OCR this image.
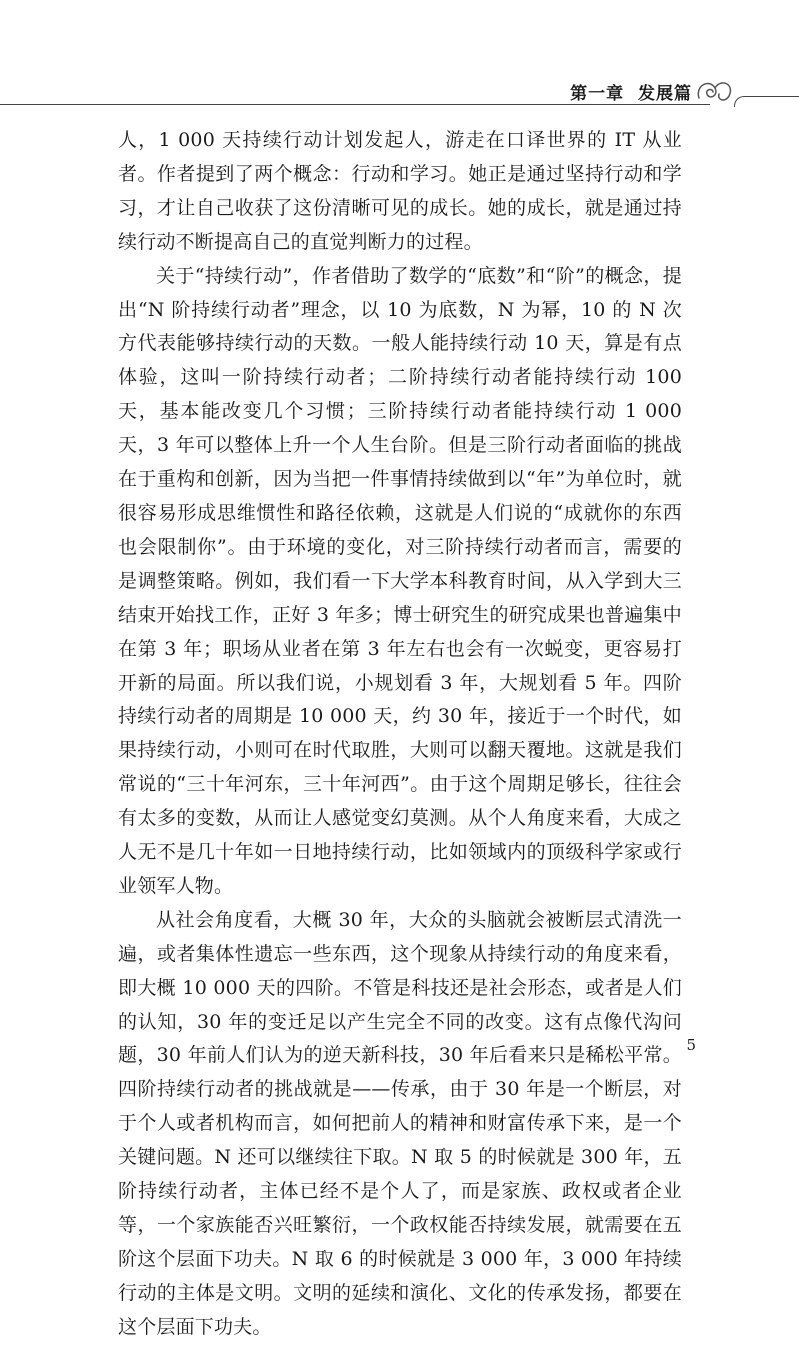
第一章 发展篇

人，1 000 天持续行动计划发起人，游走在口译世界的 IT 从业者。作者提到了两个概念：行动和学习。她正是通过坚持行动和学习，才让自己收获了这份清晰可见的成长。她的成长，就是通过持续行动不断提高自己的直觉判断力的过程。

关于“持续行动”，作者借助了数学的“底数”和“阶”的概念，提出“N 阶持续行动者”理念，以 10 为底数，N 为幂，10 的 N 次方代表能够持续行动的天数。一般人能持续行动 10 天，算是有点体验，这叫一阶持续行动者；二阶持续行动者能持续行动 100 天，基本能改变几个习惯；三阶持续行动者能持续行动 1 000 天，3 年可以整体上升一个人生台阶。但是三阶行动者面临的挑战在于重构和创新，因为当把一件事情持续做到以“年”为单位时，就很容易形成思维惯性和路径依赖，这就是人们说的“成就你的东西也会限制你”。由于环境的变化，对三阶持续行动者而言，需要的是调整策略。例如，我们看一下大学本科教育时间，从入学到大三结束开始找工作，正好 3 年多；博士研究生的研究成果也普遍集中在第 3 年；职场从业者在第 3 年左右也会有一次蜕变，更容易打开新的局面。所以我们说，小规划看 3 年，大规划看 5 年。四阶持续行动者的周期是 10 000 天，约 30 年，接近于一个时代，如果持续行动，小则可在时代取胜，大则可以翻天覆地。这就是我们常说的“三十年河东，三十年河西”。由于这个周期足够长，往往会有太多的变数，从而让人感觉变幻莫测。从个人角度来看，大成之人无不是几十年如一日地持续行动，比如领域内的顶级科学家或行业领军人物。

从社会角度看，大概 30 年，大众的头脑就会被断层式清洗一遍，或者集体性遗忘一些东西，这个现象从持续行动的角度来看，即大概 10 000 天的四阶。不管是科技还是社会形态，或者是人们的认知，30 年的变迁足以产生完全不同的改变。这有点像代沟问题，30 年前人们认为的逆天新科技，30 年后看来只是稀松平常。四阶持续行动者的挑战就是——传承，由于 30 年是一个断层，对于个人或者机构而言，如何把前人的精神和财富传承下来，是一个关键问题。N 还可以继续往下取。N 取 5 的时候就是 300 年，五阶持续行动者，主体已经不是个人了，而是家族、政权或者企业等，一个家族能否兴旺繁衍，一个政权能否持续发展，就需要在五阶这个层面下功夫。N 取 6 的时候就是 3 000 年，3 000 年持续行动的主体是文明。文明的延续和演化、文化的传承发扬，都要在这个层面下功夫。

5
